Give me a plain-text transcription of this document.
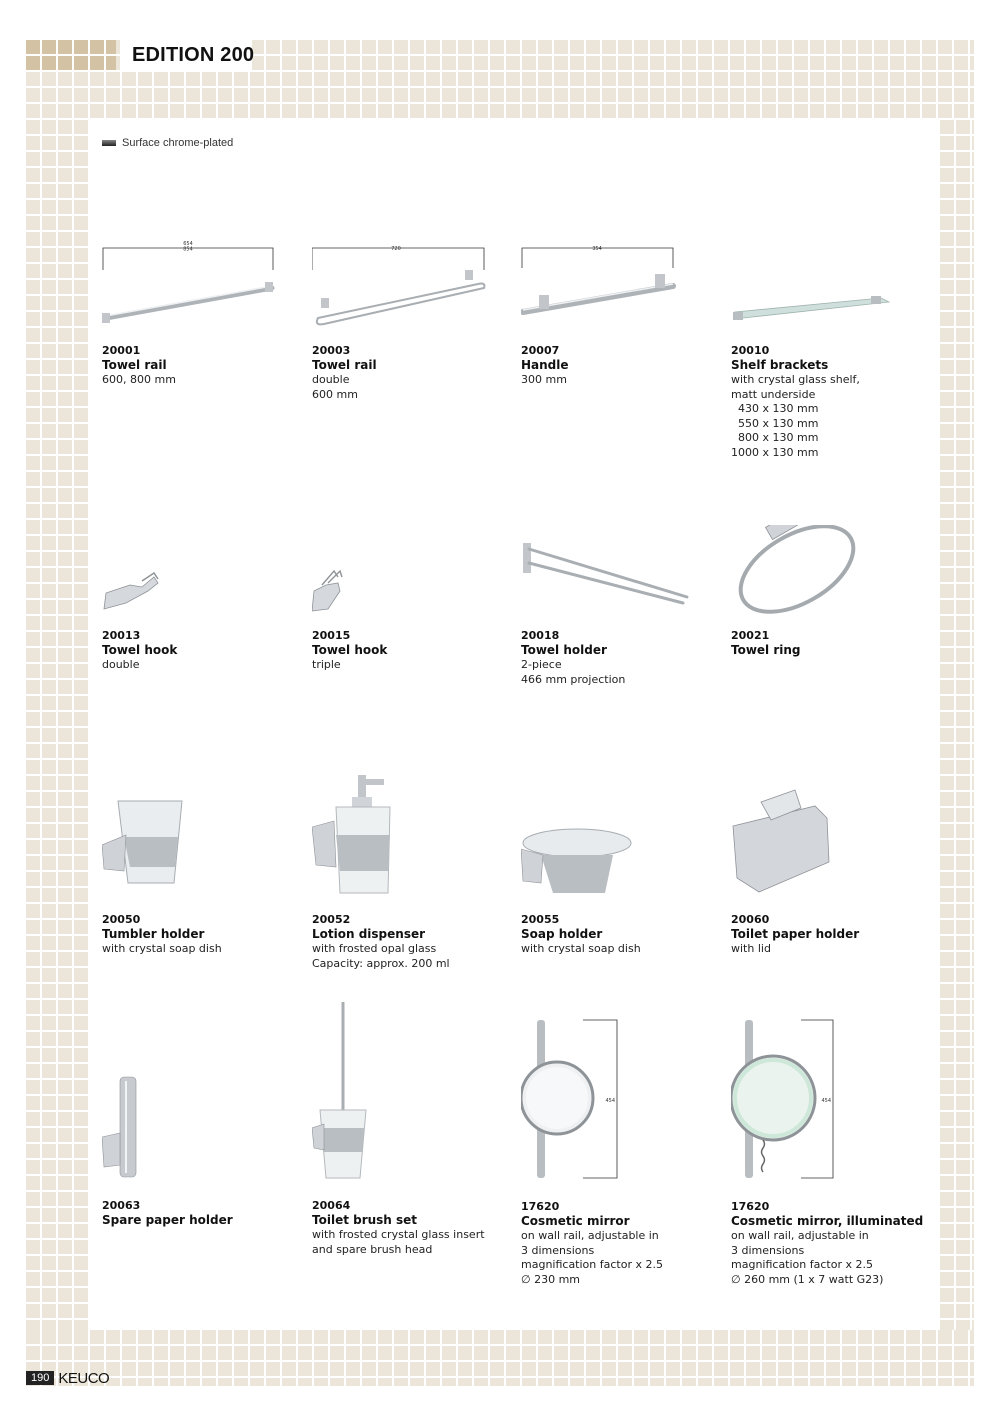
EDITION 200
Surface chrome-plated
654 854
20001
Towel rail
600, 800 mm
720
20003
Towel rail
double
600 mm
354
20007
Handle
300 mm
20010
Shelf brackets
with crystal glass shelf,
matt underside
430 x 130 mm
550 x 130 mm
800 x 130 mm
1000 x 130 mm
20013
Towel hook
double
20015
Towel hook
triple
20018
Towel holder
2-piece
466 mm projection
20021
Towel ring
20050
Tumbler holder
with crystal soap dish
20052
Lotion dispenser
with frosted opal glass
Capacity: approx. 200 ml
20055
Soap holder
with crystal soap dish
20060
Toilet paper holder
with lid
20063
Spare paper holder
20064
Toilet brush set
with frosted crystal glass insert
and spare brush head
454
17620
Cosmetic mirror
on wall rail, adjustable in
3 dimensions
magnification factor x 2.5
∅ 230 mm
454
17620
Cosmetic mirror, illuminated
on wall rail, adjustable in
3 dimensions
magnification factor x 2.5
∅ 260 mm (1 x 7 watt G23)
190 KEUCO
